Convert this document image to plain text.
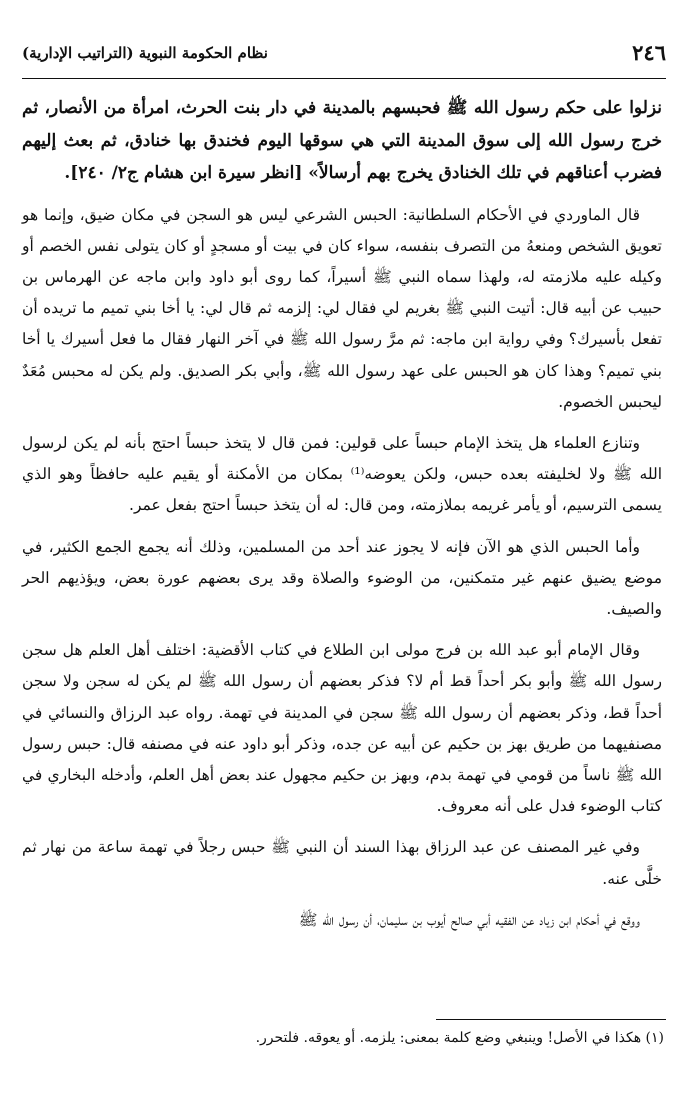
٢٤٦
نظام الحكومة النبوية (التراتيب الإدارية)

نزلوا على حكم رسول الله ﷺ فحبسهم بالمدينة في دار بنت الحرث، امرأة من الأنصار، ثم خرج رسول الله إلى سوق المدينة التي هي سوقها اليوم فخندق بها خنادق، ثم بعث إليهم فضرب أعناقهم في تلك الخنادق يخرج بهم أرسالاً» [انظر سيرة ابن هشام ج٢/ ٢٤٠].

قال الماوردي في الأحكام السلطانية: الحبس الشرعي ليس هو السجن في مكان ضيق، وإنما هو تعويق الشخص ومنعهُ من التصرف بنفسه، سواء كان في بيت أو مسجدٍ أو كان يتولى نفس الخصم أو وكيله عليه ملازمته له، ولهذا سماه النبي ﷺ أسيراً، كما روى أبو داود وابن ماجه عن الهرماس بن حبيب عن أبيه قال: أتيت النبي ﷺ بغريم لي فقال لي: إلزمه ثم قال لي: يا أخا بني تميم ما تريده أن تفعل بأسيرك؟ وفي رواية ابن ماجه: ثم مرَّ رسول الله ﷺ في آخر النهار فقال ما فعل أسيرك يا أخا بني تميم؟ وهذا كان هو الحبس على عهد رسول الله ﷺ، وأبي بكر الصديق. ولم يكن له محبس مُعَدٌ ليحبس الخصوم.

وتنازع العلماء هل يتخذ الإمام حبساً على قولين: فمن قال لا يتخذ حبساً احتج بأنه لم يكن لرسول الله ﷺ ولا لخليفته بعده حبس، ولكن يعوضه⁽¹⁾ بمكان من الأمكنة أو يقيم عليه حافظاً وهو الذي يسمى الترسيم، أو يأمر غريمه بملازمته، ومن قال: له أن يتخذ حبساً احتج بفعل عمر.

وأما الحبس الذي هو الآن فإنه لا يجوز عند أحد من المسلمين، وذلك أنه يجمع الجمع الكثير، في موضع يضيق عنهم غير متمكنين، من الوضوء والصلاة وقد يرى بعضهم عورة بعض، ويؤذيهم الحر والصيف.

وقال الإمام أبو عبد الله بن فرج مولى ابن الطلاع في كتاب الأقضية: اختلف أهل العلم هل سجن رسول الله ﷺ وأبو بكر أحداً قط أم لا؟ فذكر بعضهم أن رسول الله ﷺ لم يكن له سجن ولا سجن أحداً قط، وذكر بعضهم أن رسول الله ﷺ سجن في المدينة في تهمة. رواه عبد الرزاق والنسائي في مصنفيهما من طريق بهز بن حكيم عن أبيه عن جده، وذكر أبو داود عنه في مصنفه قال: حبس رسول الله ﷺ ناساً من قومي في تهمة بدم، وبهز بن حكيم مجهول عند بعض أهل العلم، وأدخله البخاري في كتاب الوضوء فدل على أنه معروف.

وفي غير المصنف عن عبد الرزاق بهذا السند أن النبي ﷺ حبس رجلاً في تهمة ساعة من نهار ثم خلَّى عنه.

ووقع في أحكام ابن زياد عن الفقيه أبي صالح أيوب بن سليمان، أن رسول الله ﷺ

(١) هكذا في الأصل! وينبغي وضع كلمة بمعنى: يلزمه. أو يعوقه. فلتحرر.
